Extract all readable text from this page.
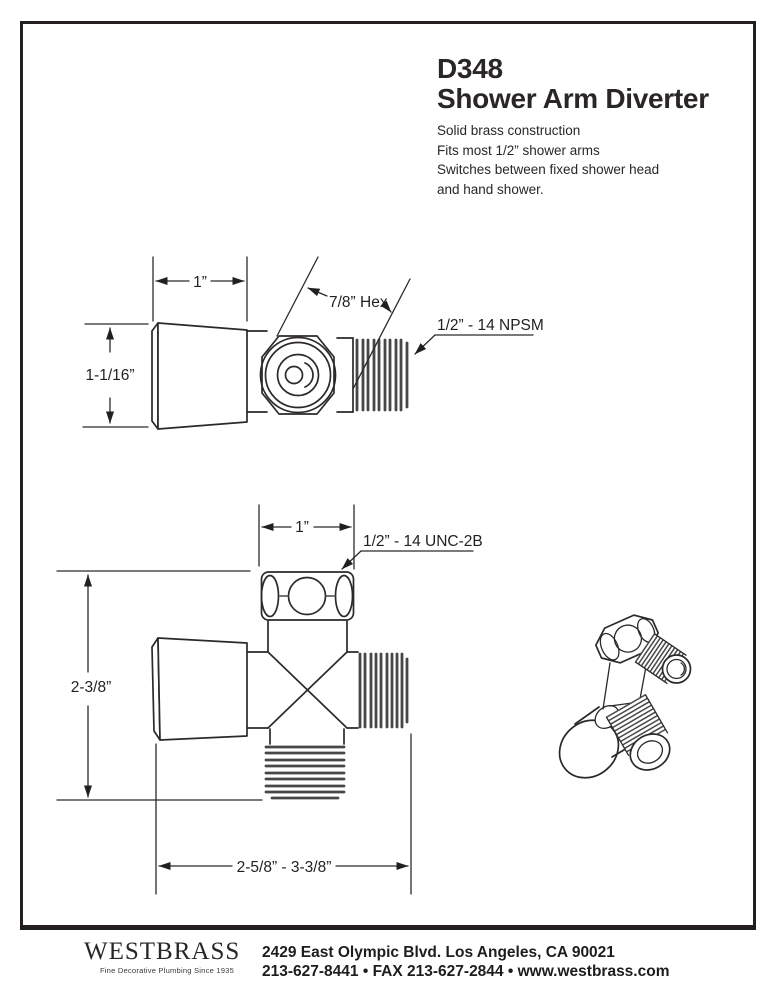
D348
Shower Arm Diverter
Solid brass construction
Fits most 1/2” shower arms
Switches between fixed shower head
and hand shower.
1”
1-1/16”
7/8” Hex
1/2” - 14 NPSM
1”
1/2” - 14 UNC-2B
2-3/8”
2-5/8” - 3-3/8”
WESTBRASS
Fine Decorative Plumbing Since 1935
2429 East Olympic Blvd. Los Angeles, CA 90021
213-627-8441 • FAX 213-627-2844 • www.westbrass.com
